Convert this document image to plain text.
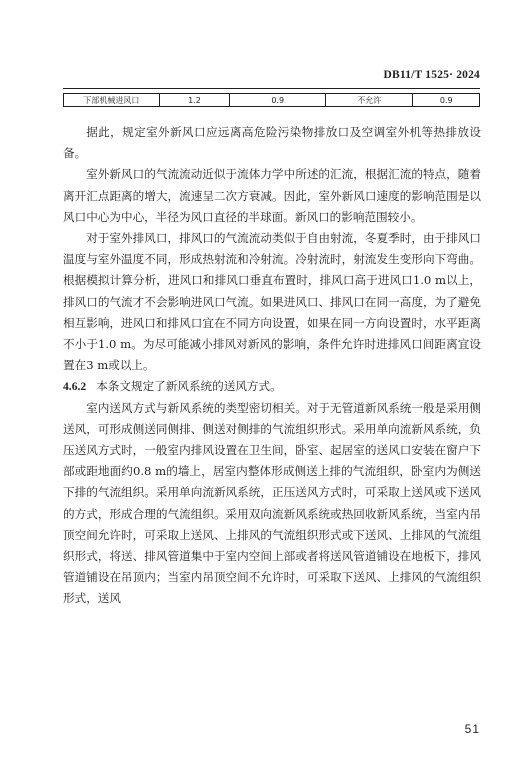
DB11/T 1525· 2024
下部机械进风口	1.2	0.9	不允许	0.9

据此，规定室外新风口应远离高危险污染物排放口及空调室外机等热排放设备。

室外新风口的气流流动近似于流体力学中所述的汇流，根据汇流的特点，随着离开汇点距离的增大，流速呈二次方衰减。因此，室外新风口速度的影响范围是以风口中心为中心，半径为风口直径的半球面。新风口的影响范围较小。

对于室外排风口，排风口的气流流动类似于自由射流，冬夏季时，由于排风口温度与室外温度不同，形成热射流和冷射流。冷射流时，射流发生变形向下弯曲。根据模拟计算分析，进风口和排风口垂直布置时，排风口高于进风口1.0 m以上，排风口的气流才不会影响进风口气流。如果进风口、排风口在同一高度，为了避免相互影响，进风口和排风口宜在不同方向设置，如果在同一方向设置时，水平距离不小于1.0 m。为尽可能减小排风对新风的影响，条件允许时进排风口间距离宜设置在3 m或以上。

4.6.2 本条文规定了新风系统的送风方式。

室内送风方式与新风系统的类型密切相关。对于无管道新风系统一般是采用侧送风，可形成侧送同侧排、侧送对侧排的气流组织形式。采用单向流新风系统，负压送风方式时，一般室内排风设置在卫生间，卧室、起居室的送风口安装在窗户下部或距地面约0.8 m的墙上，居室内整体形成侧送上排的气流组织，卧室内为侧送下排的气流组织。采用单向流新风系统，正压送风方式时，可采取上送风或下送风的方式，形成合理的气流组织。采用双向流新风系统或热回收新风系统，当室内吊顶空间允许时，可采取上送风、上排风的气流组织形式或下送风、上排风的气流组织形式，将送、排风管道集中于室内空间上部或者将送风管道铺设在地板下，排风管道铺设在吊顶内；当室内吊顶空间不允许时，可采取下送风、上排风的气流组织形式，送风

51
